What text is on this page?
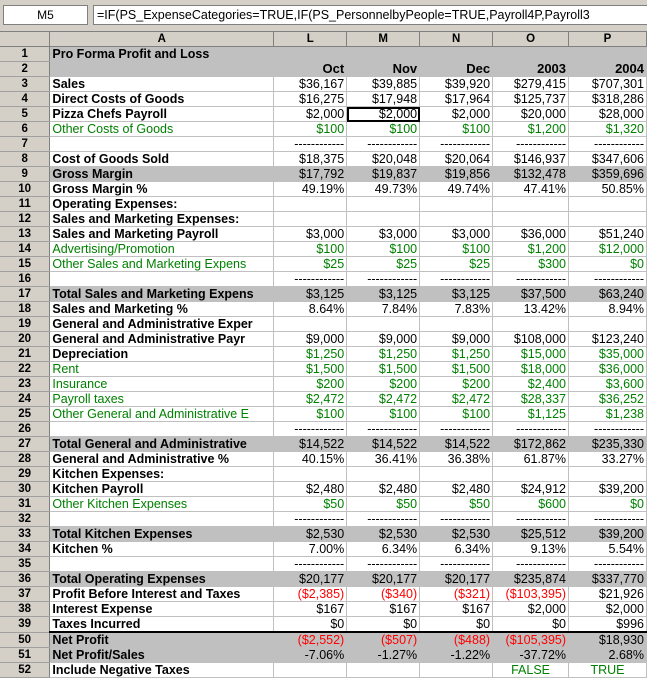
M5	=IF(PS_ExpenseCategories=TRUE,IF(PS_PersonnelbyPeople=TRUE,Payroll4P,Payroll3
	A	L	M	N	O	P
1	Pro Forma Profit and Loss					
2		Oct	Nov	Dec	2003	2004
3	Sales	$36,167	$39,885	$39,920	$279,415	$707,301
4	Direct Costs of Goods	$16,275	$17,948	$17,964	$125,737	$318,286
5	Pizza Chefs Payroll	$2,000	$2,000	$2,000	$20,000	$28,000
6	Other Costs of Goods	$100	$100	$100	$1,200	$1,320
7		------------	------------	------------	------------	------------
8	Cost of Goods Sold	$18,375	$20,048	$20,064	$146,937	$347,606
9	Gross Margin	$17,792	$19,837	$19,856	$132,478	$359,696
10	Gross Margin %	49.19%	49.73%	49.74%	47.41%	50.85%
11	Operating Expenses:					
12	Sales and Marketing Expenses:					
13	Sales and Marketing Payroll	$3,000	$3,000	$3,000	$36,000	$51,240
14	Advertising/Promotion	$100	$100	$100	$1,200	$12,000
15	Other Sales and Marketing Expens	$25	$25	$25	$300	$0
16		------------	------------	------------	------------	------------
17	Total Sales and Marketing Expens	$3,125	$3,125	$3,125	$37,500	$63,240
18	Sales and Marketing %	8.64%	7.84%	7.83%	13.42%	8.94%
19	General and Administrative Exper					
20	General and Administrative Payr	$9,000	$9,000	$9,000	$108,000	$123,240
21	Depreciation	$1,250	$1,250	$1,250	$15,000	$35,000
22	Rent	$1,500	$1,500	$1,500	$18,000	$36,000
23	Insurance	$200	$200	$200	$2,400	$3,600
24	Payroll taxes	$2,472	$2,472	$2,472	$28,337	$36,252
25	Other General and Administrative E	$100	$100	$100	$1,125	$1,238
26		------------	------------	------------	------------	------------
27	Total General and Administrative	$14,522	$14,522	$14,522	$172,862	$235,330
28	General and Administrative %	40.15%	36.41%	36.38%	61.87%	33.27%
29	Kitchen Expenses:					
30	Kitchen Payroll	$2,480	$2,480	$2,480	$24,912	$39,200
31	Other Kitchen Expenses	$50	$50	$50	$600	$0
32		------------	------------	------------	------------	------------
33	Total Kitchen Expenses	$2,530	$2,530	$2,530	$25,512	$39,200
34	Kitchen %	7.00%	6.34%	6.34%	9.13%	5.54%
35		------------	------------	------------	------------	------------
36	Total Operating Expenses	$20,177	$20,177	$20,177	$235,874	$337,770
37	Profit Before Interest and Taxes	($2,385)	($340)	($321)	($103,395)	$21,926
38	Interest Expense	$167	$167	$167	$2,000	$2,000
39	Taxes Incurred	$0	$0	$0	$0	$996
50	Net Profit	($2,552)	($507)	($488)	($105,395)	$18,930
51	Net Profit/Sales	-7.06%	-1.27%	-1.22%	-37.72%	2.68%
52	Include Negative Taxes				FALSE	TRUE
